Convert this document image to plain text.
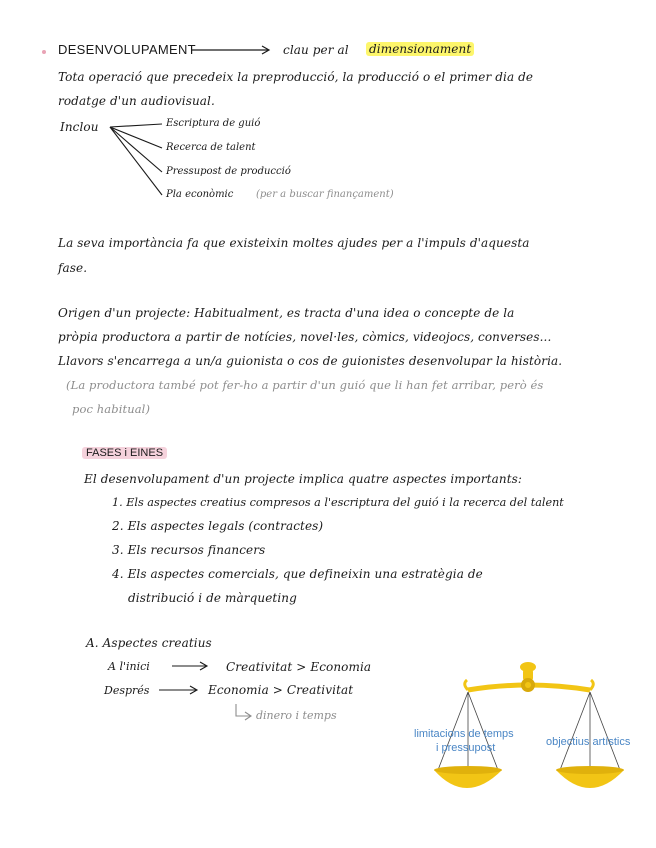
DESENVOLUPAMENT	clau per al dimensionament
Tota operació que precedeix la preproducció, la producció o el primer dia de
rodatge d'un audiovisual.
Inclou	Escriptura de guió
Recerca de talent
Pressupost de producció
Pla econòmic (per a buscar finançament)
La seva importància fa que existeixin moltes ajudes per a l'impuls d'aquesta
fase.
Origen d'un projecte: Habitualment, es tracta d'una idea o concepte de la
pròpia productora a partir de notícies, novel·les, còmics, videojocs, converses...
Llavors s'encarrega a un/a guionista o cos de guionistes desenvolupar la història.
(La productora també pot fer-ho a partir d'un guió que li han fet arribar, però és
poc habitual)
FASES i EINES
El desenvolupament d'un projecte implica quatre aspectes importants:
1. Els aspectes creatius compresos a l'escriptura del guió i la recerca del talent
2. Els aspectes legals (contractes)
3. Els recursos financers
4. Els aspectes comercials, que defineixin una estratègia de
distribució i de màrqueting
A. Aspectes creatius
A l'inici	Creativitat > Economia
Després	Economia > Creativitat
dinero i temps
limitacions de temps
i pressupost	objectius artístics
